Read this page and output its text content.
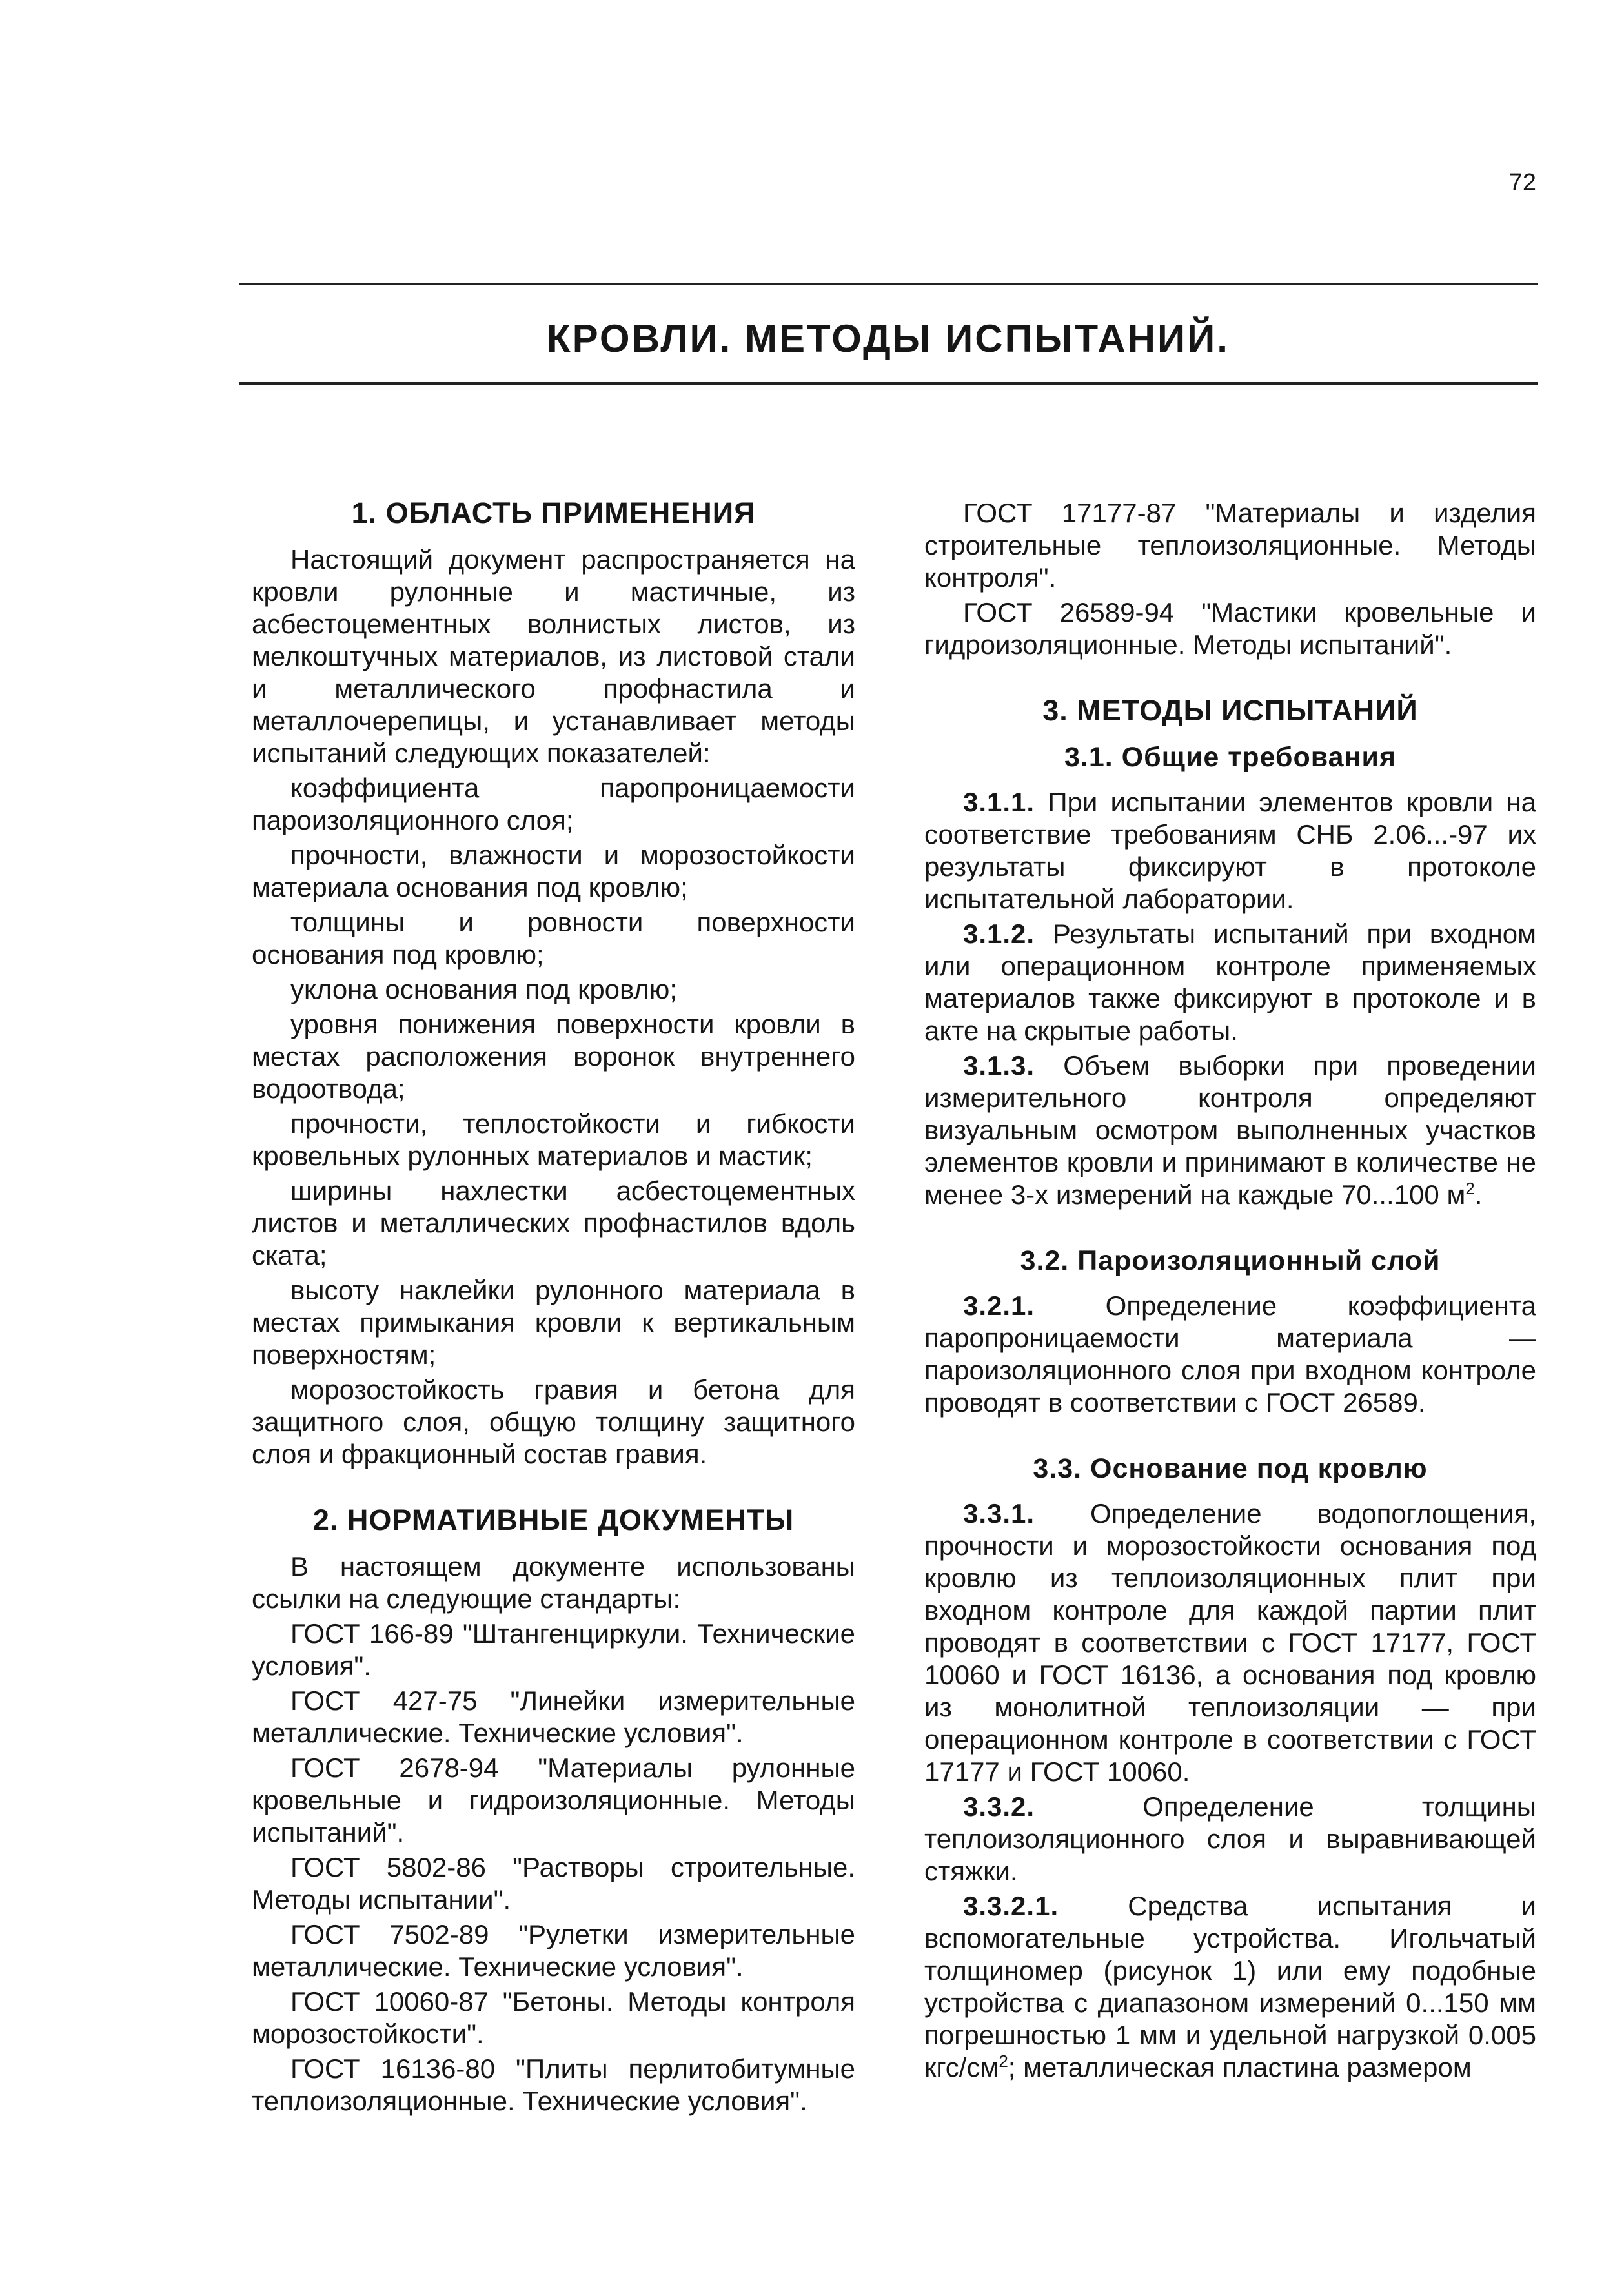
72
КРОВЛИ. МЕТОДЫ ИСПЫТАНИЙ.
1. ОБЛАСТЬ ПРИМЕНЕНИЯ

Настоящий документ распространяется на кровли рулонные и мастичные, из асбестоцементных волнистых листов, из мелкоштучных материалов, из листовой стали и металлического профнастила и металлочерепицы, и устанавливает методы испытаний следующих показателей:

коэффициента паропроницаемости пароизоляционного слоя;

прочности, влажности и морозостойкости материала основания под кровлю;

толщины и ровности поверхности основания под кровлю;

уклона основания под кровлю;

уровня понижения поверхности кровли в местах расположения воронок внутреннего водоотвода;

прочности, теплостойкости и гибкости кровельных рулонных материалов и мастик;

ширины нахлестки асбестоцементных листов и металлических профнастилов вдоль ската;

высоту наклейки рулонного материала в местах примыкания кровли к вертикальным поверхностям;

морозостойкость гравия и бетона для защитного слоя, общую толщину защитного слоя и фракционный состав гравия.

2. НОРМАТИВНЫЕ ДОКУМЕНТЫ

В настоящем документе использованы ссылки на следующие стандарты:

ГОСТ 166-89 "Штангенциркули. Технические условия".

ГОСТ 427-75 "Линейки измерительные металлические. Технические условия".

ГОСТ 2678-94 "Материалы рулонные кровельные и гидроизоляционные. Методы испытаний".

ГОСТ 5802-86 "Растворы строительные. Методы испытании".

ГОСТ 7502-89 "Рулетки измерительные металлические. Технические условия".

ГОСТ 10060-87 "Бетоны. Методы контроля морозостойкости".

ГОСТ 16136-80 "Плиты перлитобитумные теплоизоляционные. Технические условия".

ГОСТ 17177-87 "Материалы и изделия строительные теплоизоляционные. Методы контроля".

ГОСТ 26589-94 "Мастики кровельные и гидроизоляционные. Методы испытаний".

3. МЕТОДЫ ИСПЫТАНИЙ
3.1. Общие требования

3.1.1. При испытании элементов кровли на соответствие требованиям СНБ 2.06...-97 их результаты фиксируют в протоколе испытательной лаборатории.

3.1.2. Результаты испытаний при входном или операционном контроле применяемых материалов также фиксируют в протоколе и в акте на скрытые работы.

3.1.3. Объем выборки при проведении измерительного контроля определяют визуальным осмотром выполненных участков элементов кровли и принимают в количестве не менее 3-х измерений на каждые 70...100 $м^2$.

3.2. Пароизоляционный слой

3.2.1.	Определение коэффициента паропроницаемости материала — пароизоляционного слоя при входном контроле проводят в соответствии с ГОСТ 26589.

3.3. Основание под кровлю

3.3.1. Определение водопоглощения, прочности и морозостойкости основания под кровлю из теплоизоляционных плит при входном контроле для каждой партии плит проводят в соответствии с ГОСТ 17177, ГОСТ 10060 и ГОСТ 16136, а основания под кровлю из монолитной теплоизоляции — при операционном контроле в соответствии с ГОСТ 17177 и ГОСТ 10060.

3.3.2.	Определение толщины теплоизоляционного слоя и выравнивающей стяжки.

3.3.2.1.	Средства испытания и вспомогательные устройства. Игольчатый толщиномер (рисунок 1) или ему подобные устройства с диапазоном измерений 0...150 мм погрешностью 1 мм и удельной нагрузкой 0.005 кгс/$см^2$; металлическая пластина размером
